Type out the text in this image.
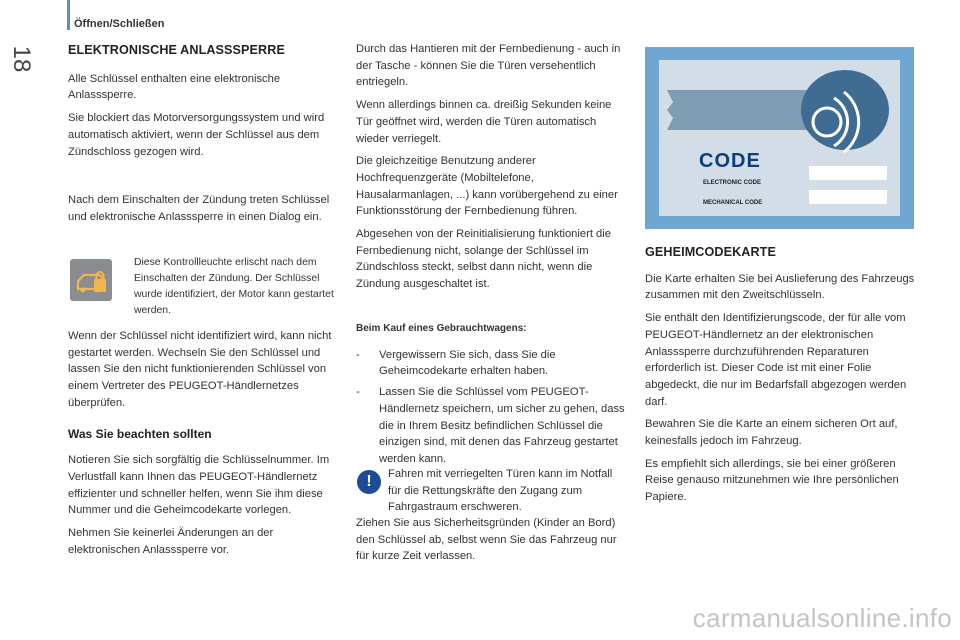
Öffnen/Schließen
18	ELEKTRONISCHE ANLASSSPERRE

Alle Schlüssel enthalten eine elektronische Anlasssperre.

Sie blockiert das Motorversorgungssystem und wird automatisch aktiviert, wenn der Schlüssel aus dem Zündschloss gezogen wird.

Nach dem Einschalten der Zündung treten Schlüssel und elektronische Anlasssperre in einen Dialog ein.

Diese Kontrollleuchte erlischt nach dem Einschalten der Zündung. Der Schlüssel wurde identifiziert, der Motor kann gestartet werden.

Wenn der Schlüssel nicht identifiziert wird, kann nicht gestartet werden. Wechseln Sie den Schlüssel und lassen Sie den nicht funktionierenden Schlüssel von einem Vertreter des PEUGEOT-Händlernetzes überprüfen.

Was Sie beachten sollten

Notieren Sie sich sorgfältig die Schlüsselnummer. Im Verlustfall kann Ihnen das PEUGEOT-Händlernetz effizienter und schneller helfen, wenn Sie ihm diese Nummer und die Geheimcodekarte vorlegen.

Nehmen Sie keinerlei Änderungen an der elektronischen Anlasssperre vor.

Durch das Hantieren mit der Fernbedienung - auch in der Tasche - können Sie die Türen versehentlich entriegeln.

Wenn allerdings binnen ca. dreißig Sekunden keine Tür geöffnet wird, werden die Türen automatisch wieder verriegelt.

Die gleichzeitige Benutzung anderer Hochfrequenzgeräte (Mobiltelefone, Hausalarmanlagen, ...) kann vorübergehend zu einer Funktionsstörung der Fernbedienung führen.

Abgesehen von der Reinitialisierung funktioniert die Fernbedienung nicht, solange der Schlüssel im Zündschloss steckt, selbst dann nicht, wenn die Zündung ausgeschaltet ist.

Beim Kauf eines Gebrauchtwagens:
-	Vergewissern Sie sich, dass Sie die Geheimcodekarte erhalten haben.
-	Lassen Sie die Schlüssel vom PEUGEOT-Händlernetz speichern, um sicher zu gehen, dass die in Ihrem Besitz befindlichen Schlüssel die einzigen sind, mit denen das Fahrzeug gestartet werden kann.
!	Fahren mit verriegelten Türen kann im Notfall für die Rettungskräfte den Zugang zum Fahrgastraum erschweren.
Ziehen Sie aus Sicherheitsgründen (Kinder an Bord) den Schlüssel ab, selbst wenn Sie das Fahrzeug nur für kurze Zeit verlassen.
CODE
ELECTRONIC CODE
MECHANICAL CODE
GEHEIMCODEKARTE

Die Karte erhalten Sie bei Auslieferung des Fahrzeugs zusammen mit den Zweitschlüsseln.

Sie enthält den Identifizierungscode, der für alle vom PEUGEOT-Händlernetz an der elektronischen Anlasssperre durchzuführenden Reparaturen erforderlich ist. Dieser Code ist mit einer Folie abgedeckt, die nur im Bedarfsfall abgezogen werden darf.

Bewahren Sie die Karte an einem sicheren Ort auf, keinesfalls jedoch im Fahrzeug.

Es empfiehlt sich allerdings, sie bei einer größeren Reise genauso mitzunehmen wie Ihre persönlichen Papiere.

carmanualsonline.info
